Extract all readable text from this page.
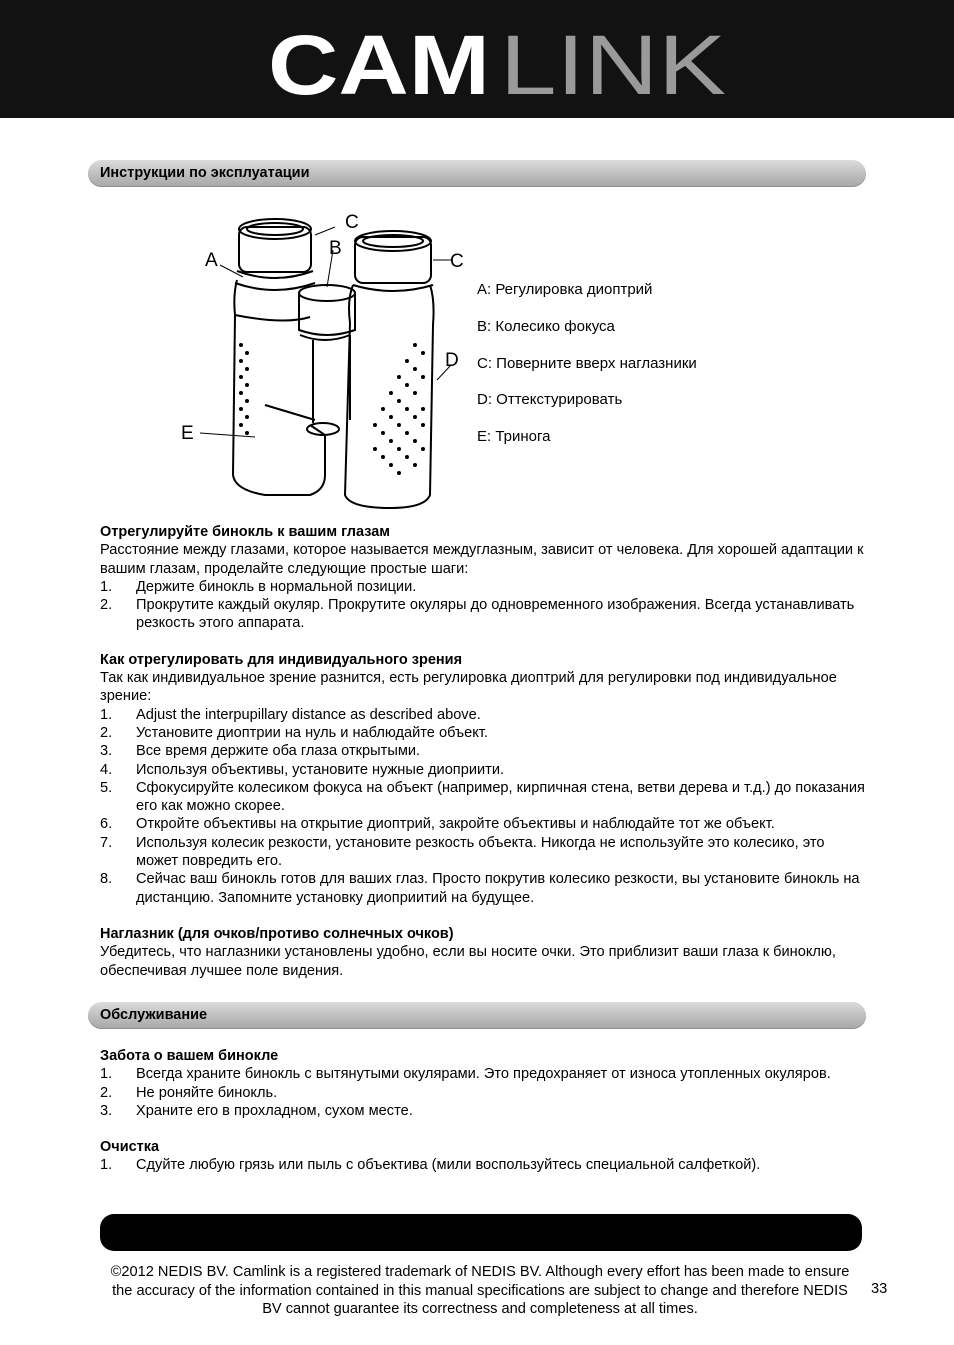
CAM LINK
Инструкции по эксплуатации
A
B
C
C
D
E
A: Регулировка диоптрий
B: Колесико фокуса
C: Поверните вверх наглазники
D: Оттекстурировать
E: Тринога
Отрегулируйте бинокль к вашим глазам

Расстояние между глазами, которое называется междуглазным, зависит от человека. Для хорошей адаптации к вашим глазам, проделайте следующие простые шаги:

1. Держите бинокль в нормальной позиции.
2. Прокрутите каждый окуляр. Прокрутите окуляры до одновременного изображения. Всегда устанавливать резкость этого аппарата.
Как отрегулировать для индивидуального зрения

Так как индивидуальное зрение разнится, есть регулировка диоптрий для регулировки под индивидуальное зрение:

1. Adjust the interpupillary distance as described above.
2. Установите диоптрии на нуль и наблюдайте объект.
3. Все время держите оба глаза открытыми.
4. Используя объективы, установите нужные диоприити.
5. Сфокусируйте колесиком фокуса на объект (например, кирпичная стена, ветви дерева и т.д.) до показания его как можно скорее.
6. Откройте объективы на открытие диоптрий, закройте объективы и наблюдайте тот же объект.
7. Используя колесик резкости, установите резкость объекта. Никогда не используйте это колесико, это может повредить его.
8. Сейчас ваш бинокль готов для ваших глаз. Просто покрутив колесико резкости, вы установите бинокль на дистанцию. Запомните установку диоприитий на будущее.
Наглазник (для очков/противо солнечных очков)

Убедитесь, что наглазники установлены удобно, если вы носите очки. Это приблизит ваши глаза к биноклю, обеспечивая лучшее поле видения.

Обслуживание
Забота о вашем бинокле
1. Всегда храните бинокль с вытянутыми окулярами. Это предохраняет от износа утопленных окуляров.
2. Не роняйте бинокль.
3. Храните его в прохладном, сухом месте.
Очистка
1. Сдуйте любую грязь или пыль с объектива (мили воспользуйтесь специальной салфеткой).
©2012 NEDIS BV. Camlink is a registered trademark of NEDIS BV. Although every effort has been made to ensure the accuracy of the information contained in this manual specifications are subject to change and therefore NEDIS BV cannot guarantee its correctness and completeness at all times.
33
